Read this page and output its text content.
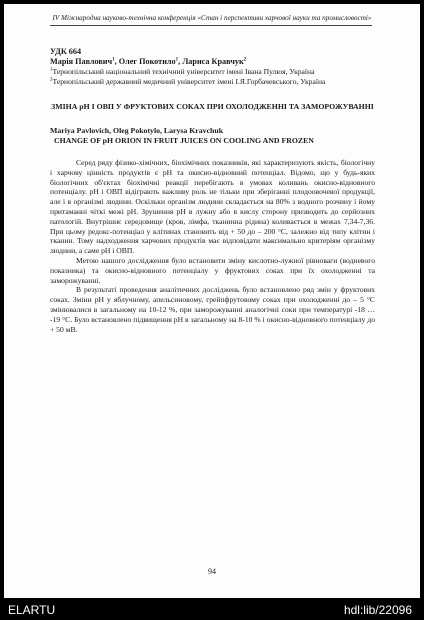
IV Міжнародна науково-технічна конференція «Стан і перспективи харчової науки та промисловості»
УДК 664
Марія Павлович$^1$, Олег Покотило$^1$, Лариса Кравчук$^2$
$^1$Тернопільський національний технічний університет імені Івана Пулюя, Україна
$^2$Тернопільський державний медичний університет імені І.Я.Горбачевського, Україна
ЗМІНА pH І ОВП У ФРУКТОВИХ СОКАХ ПРИ ОХОЛОДЖЕННІ ТА ЗАМОРОЖУВАННІ
Mariya Pavlovich, Oleg Pokotylo, Larysa Kravchuk
CHANGE OF pH ORION IN FRUIT JUICES ON COOLING AND FROZEN

Серед ряду фізико-хімічних, біохімічних показників, які характеризують якість, біологічну і харчову цінність продуктів є рН та окисно-відновний потенціал. Відомо, що у будь-яких біологічних об'єктах біохімічні реакції перебігають в умовах коливань окисно-відновного потенціалу. рН і ОВП відіграють важливу роль не тільки при зберіганні плодоовочевої продукції, але і в організмі людини. Оскільки організм людини складається на 80% з водного розчину і йому притаманні чіткі межі рН. Зрушення рН в лужну або в кислу сторону призводить до серйозних патологій. Внутрішнє середовище (кров, лімфа, тканинна рідина) коливається в межах 7,34-7,36. При цьому редокс-потенціал у клітинах становить від + 50 до – 200 °С, залежно від типу клітин і тканин. Тому надходження харчових продуктів має відповідати максимально критеріям організму людини, а саме рН і ОВП.

Метою нашого дослідження було встановити зміну кислотно-лужної рівноваги (водневого показника) та окисно-відновного потенціалу у фруктових соках при їх охолодженні та заморожуванні.

В результаті проведення аналітичних досліджень було встановлено ряд змін у фруктових соках. Зміни рН у яблучному, апельсиновому, грейпфрутовому соках при охолодженні до – 5 °С змінювалися в загальному на 10-12 %, при заморожуванні аналогічні соки при температурі -18 … -19 °С. Було встановлено підвищення рН в загальному на 8-10 % і окисно-відновного потенціалу до + 50 мВ.

94
ELARTU	hdl:lib/22096
